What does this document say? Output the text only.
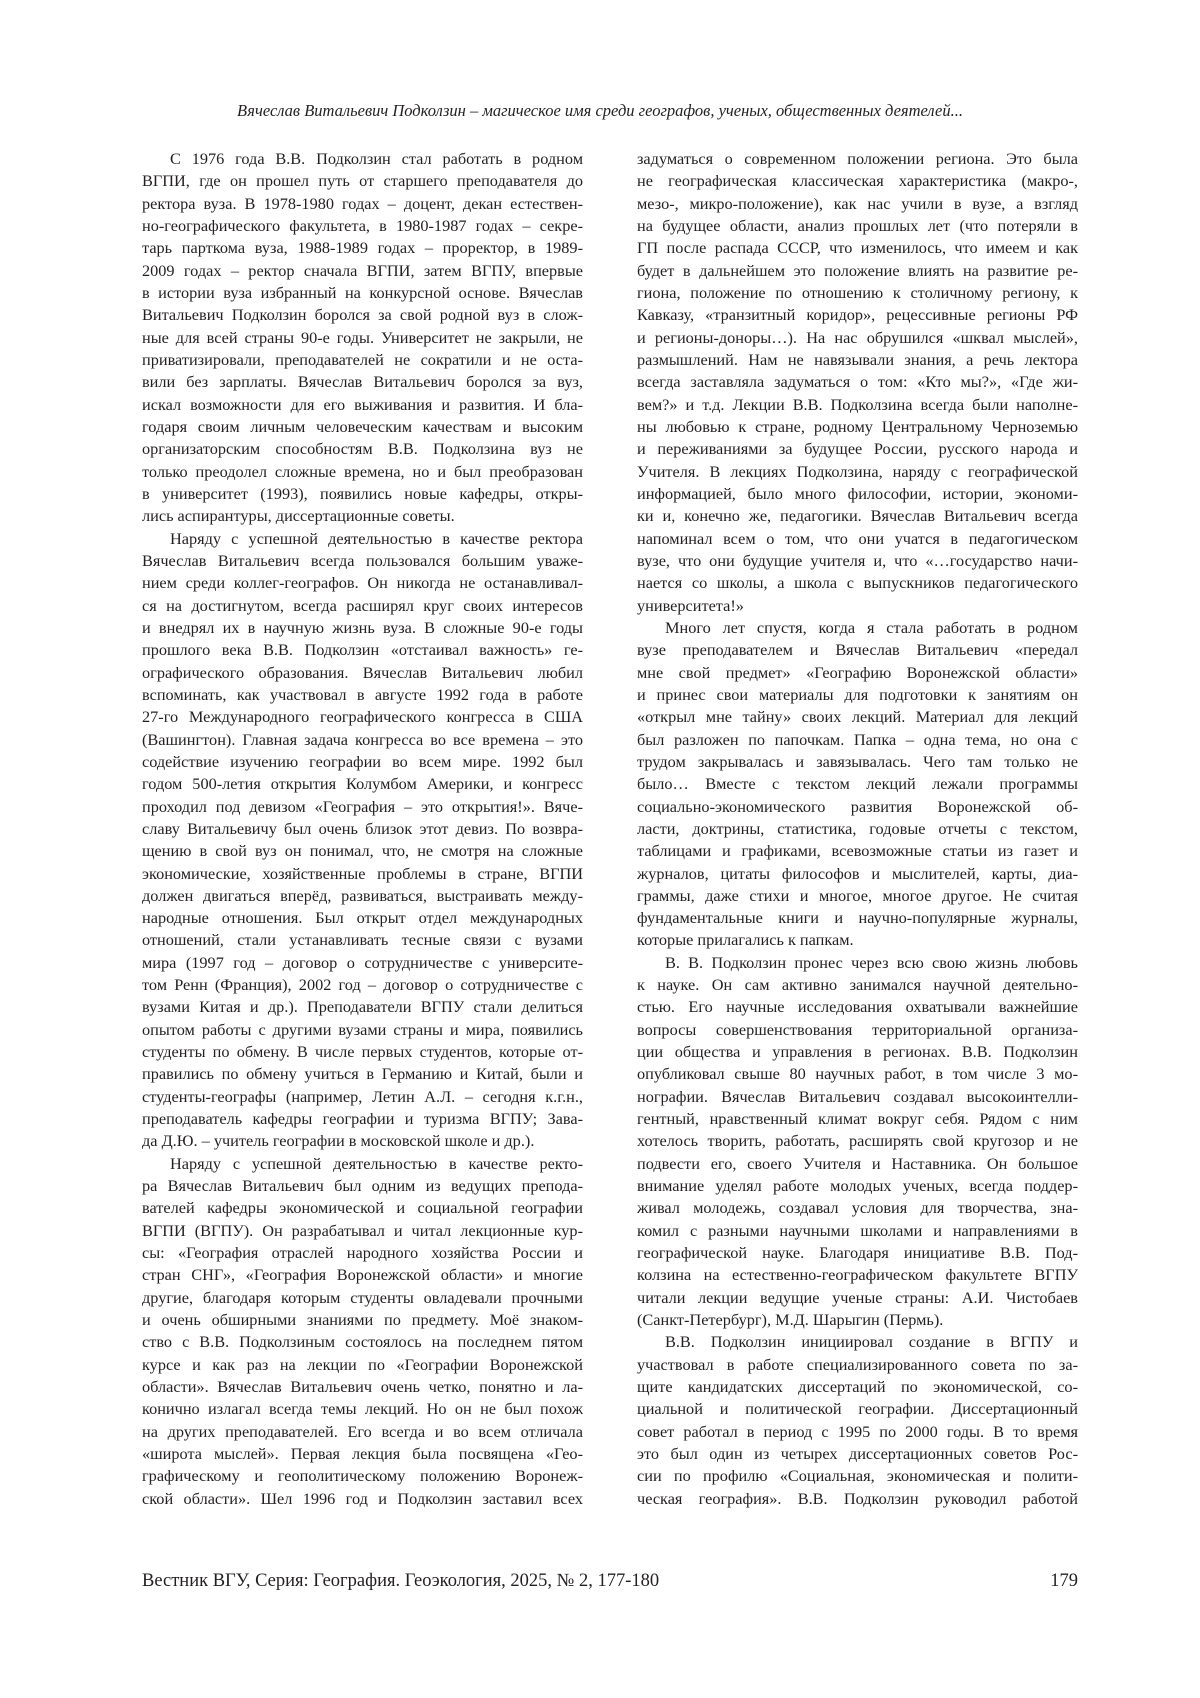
Вячеслав Витальевич Подколзин – магическое имя среди географов, ученых, общественных деятелей...
С 1976 года В.В. Подколзин стал работать в родном
ВГПИ, где он прошел путь от старшего преподавателя до
ректора вуза. В 1978-1980 годах – доцент, декан естествен-
но-географического факультета, в 1980-1987 годах – секре-
тарь парткома вуза, 1988-1989 годах – проректор, в 1989-
2009 годах – ректор сначала ВГПИ, затем ВГПУ, впервые
в истории вуза избранный на конкурсной основе. Вячеслав
Витальевич Подколзин боролся за свой родной вуз в слож-
ные для всей страны 90-е годы. Университет не закрыли, не
приватизировали, преподавателей не сократили и не оста-
вили без зарплаты. Вячеслав Витальевич боролся за вуз,
искал возможности для его выживания и развития. И бла-
годаря своим личным человеческим качествам и высоким
организаторским способностям В.В. Подколзина вуз не
только преодолел сложные времена, но и был преобразован
в университет (1993), появились новые кафедры, откры-
лись аспирантуры, диссертационные советы.
Наряду с успешной деятельностью в качестве ректора
Вячеслав Витальевич всегда пользовался большим уваже-
нием среди коллег-географов. Он никогда не останавливал-
ся на достигнутом, всегда расширял круг своих интересов
и внедрял их в научную жизнь вуза. В сложные 90-е годы
прошлого века В.В. Подколзин «отстаивал важность» ге-
ографического образования. Вячеслав Витальевич любил
вспоминать, как участвовал в августе 1992 года в работе
27-го Международного географического конгресса в США
(Вашингтон). Главная задача конгресса во все времена – это
содействие изучению географии во всем мире. 1992 был
годом 500-летия открытия Колумбом Америки, и конгресс
проходил под девизом «География – это открытия!». Вяче-
славу Витальевичу был очень близок этот девиз. По возвра-
щению в свой вуз он понимал, что, не смотря на сложные
экономические, хозяйственные проблемы в стране, ВГПИ
должен двигаться вперёд, развиваться, выстраивать между-
народные отношения. Был открыт отдел международных
отношений, стали устанавливать тесные связи с вузами
мира (1997 год – договор о сотрудничестве с университе-
том Ренн (Франция), 2002 год – договор о сотрудничестве с
вузами Китая и др.). Преподаватели ВГПУ стали делиться
опытом работы с другими вузами страны и мира, появились
студенты по обмену. В числе первых студентов, которые от-
правились по обмену учиться в Германию и Китай, были и
студенты-географы (например, Летин А.Л. – сегодня к.г.н.,
преподаватель кафедры географии и туризма ВГПУ; Зава-
да Д.Ю. – учитель географии в московской школе и др.).
Наряду с успешной деятельностью в качестве ректо-
ра Вячеслав Витальевич был одним из ведущих препода-
вателей кафедры экономической и социальной географии
ВГПИ (ВГПУ). Он разрабатывал и читал лекционные кур-
сы: «География отраслей народного хозяйства России и
стран СНГ», «География Воронежской области» и многие
другие, благодаря которым студенты овладевали прочными
и очень обширными знаниями по предмету. Моё знаком-
ство с В.В. Подколзиным состоялось на последнем пятом
курсе и как раз на лекции по «Географии Воронежской
области». Вячеслав Витальевич очень четко, понятно и ла-
конично излагал всегда темы лекций. Но он не был похож
на других преподавателей. Его всегда и во всем отличала
«широта мыслей». Первая лекция была посвящена «Гео-
графическому и геополитическому положению Воронеж-
ской области». Шел 1996 год и Подколзин заставил всех
задуматься о современном положении региона. Это была
не географическая классическая характеристика (макро-,
мезо-, микро-положение), как нас учили в вузе, а взгляд
на будущее области, анализ прошлых лет (что потеряли в
ГП после распада СССР, что изменилось, что имеем и как
будет в дальнейшем это положение влиять на развитие ре-
гиона, положение по отношению к столичному региону, к
Кавказу, «транзитный коридор», рецессивные регионы РФ
и регионы-доноры…). На нас обрушился «шквал мыслей»,
размышлений. Нам не навязывали знания, а речь лектора
всегда заставляла задуматься о том: «Кто мы?», «Где жи-
вем?» и т.д. Лекции В.В. Подколзина всегда были наполне-
ны любовью к стране, родному Центральному Черноземью
и переживаниями за будущее России, русского народа и
Учителя. В лекциях Подколзина, наряду с географической
информацией, было много философии, истории, экономи-
ки и, конечно же, педагогики. Вячеслав Витальевич всегда
напоминал всем о том, что они учатся в педагогическом
вузе, что они будущие учителя и, что «…государство начи-
нается со школы, а школа с выпускников педагогического
университета!»
Много лет спустя, когда я стала работать в родном
вузе преподавателем и Вячеслав Витальевич «передал
мне свой предмет» «Географию Воронежской области»
и принес свои материалы для подготовки к занятиям он
«открыл мне тайну» своих лекций. Материал для лекций
был разложен по папочкам. Папка – одна тема, но она с
трудом закрывалась и завязывалась. Чего там только не
было… Вместе с текстом лекций лежали программы
социально-экономического развития Воронежской об-
ласти, доктрины, статистика, годовые отчеты с текстом,
таблицами и графиками, всевозможные статьи из газет и
журналов, цитаты философов и мыслителей, карты, диа-
граммы, даже стихи и многое, многое другое. Не считая
фундаментальные книги и научно-популярные журналы,
которые прилагались к папкам.
В. В. Подколзин пронес через всю свою жизнь любовь
к науке. Он сам активно занимался научной деятельно-
стью. Его научные исследования охватывали важнейшие
вопросы совершенствования территориальной организа-
ции общества и управления в регионах. В.В. Подколзин
опубликовал свыше 80 научных работ, в том числе 3 мо-
нографии. Вячеслав Витальевич создавал высокоинтелли-
гентный, нравственный климат вокруг себя. Рядом с ним
хотелось творить, работать, расширять свой кругозор и не
подвести его, своего Учителя и Наставника. Он большое
внимание уделял работе молодых ученых, всегда поддер-
живал молодежь, создавал условия для творчества, зна-
комил с разными научными школами и направлениями в
географической науке. Благодаря инициативе В.В. Под-
колзина на естественно-географическом факультете ВГПУ
читали лекции ведущие ученые страны: А.И. Чистобаев
(Санкт-Петербург), М.Д. Шарыгин (Пермь).
В.В. Подколзин инициировал создание в ВГПУ и
участвовал в работе специализированного совета по за-
щите кандидатских диссертаций по экономической, со-
циальной и политической географии. Диссертационный
совет работал в период с 1995 по 2000 годы. В то время
это был один из четырех диссертационных советов Рос-
сии по профилю «Социальная, экономическая и полити-
ческая география». В.В. Подколзин руководил работой
Вестник ВГУ, Серия: География. Геоэкология, 2025, № 2, 177-180	179
